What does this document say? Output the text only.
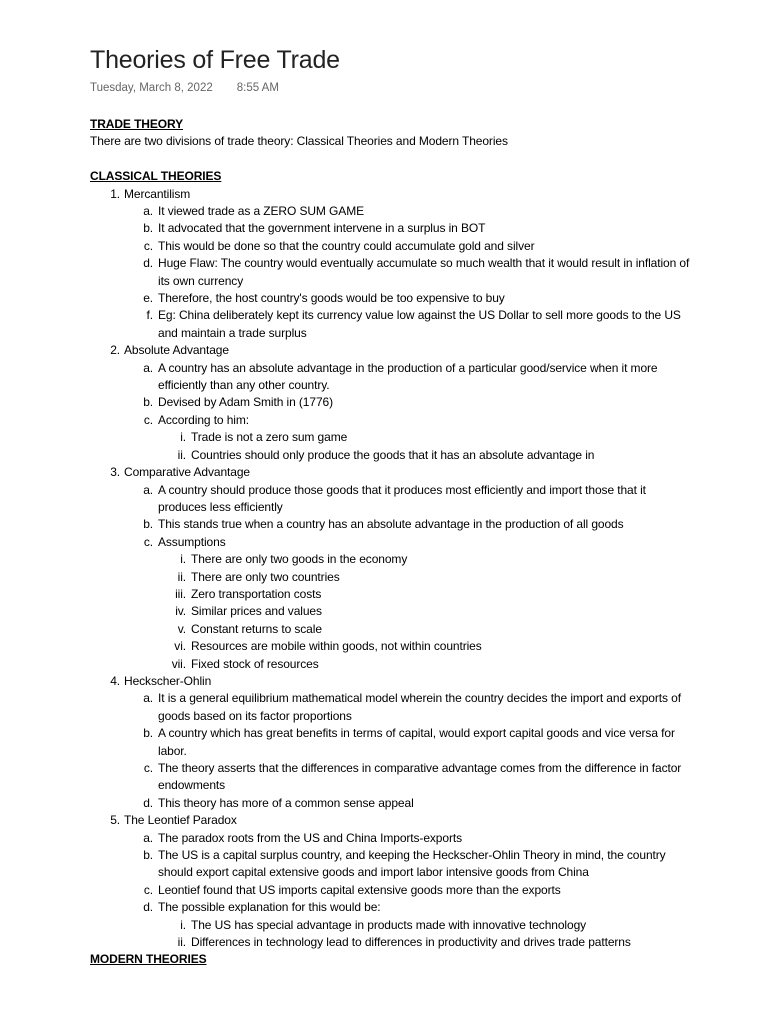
Theories of Free Trade
Tuesday, March 8, 2022 8:55 AM
TRADE THEORY
There are two divisions of trade theory: Classical Theories and Modern Theories
CLASSICAL THEORIES
1. Mercantilism
a. It viewed trade as a ZERO SUM GAME
b. It advocated that the government intervene in a surplus in BOT
c. This would be done so that the country could accumulate gold and silver
d. Huge Flaw: The country would eventually accumulate so much wealth that it would result in inflation of its own currency
e. Therefore, the host country's goods would be too expensive to buy
f. Eg: China deliberately kept its currency value low against the US Dollar to sell more goods to the US and maintain a trade surplus
2. Absolute Advantage
a. A country has an absolute advantage in the production of a particular good/service when it more efficiently than any other country.
b. Devised by Adam Smith in (1776)
c. According to him:
i. Trade is not a zero sum game
ii. Countries should only produce the goods that it has an absolute advantage in
3. Comparative Advantage
a. A country should produce those goods that it produces most efficiently and import those that it produces less efficiently
b. This stands true when a country has an absolute advantage in the production of all goods
c. Assumptions
i. There are only two goods in the economy
ii. There are only two countries
iii. Zero transportation costs
iv. Similar prices and values
v. Constant returns to scale
vi. Resources are mobile within goods, not within countries
vii. Fixed stock of resources
4. Heckscher-Ohlin
a. It is a general equilibrium mathematical model wherein the country decides the import and exports of goods based on its factor proportions
b. A country which has great benefits in terms of capital, would export capital goods and vice versa for labor.
c. The theory asserts that the differences in comparative advantage comes from the difference in factor endowments
d. This theory has more of a common sense appeal
5. The Leontief Paradox
a. The paradox roots from the US and China Imports-exports
b. The US is a capital surplus country, and keeping the Heckscher-Ohlin Theory in mind, the country should export capital extensive goods and import labor intensive goods from China
c. Leontief found that US imports capital extensive goods more than the exports
d. The possible explanation for this would be:
i. The US has special advantage in products made with innovative technology
ii. Differences in technology lead to differences in productivity and drives trade patterns
MODERN THEORIES
